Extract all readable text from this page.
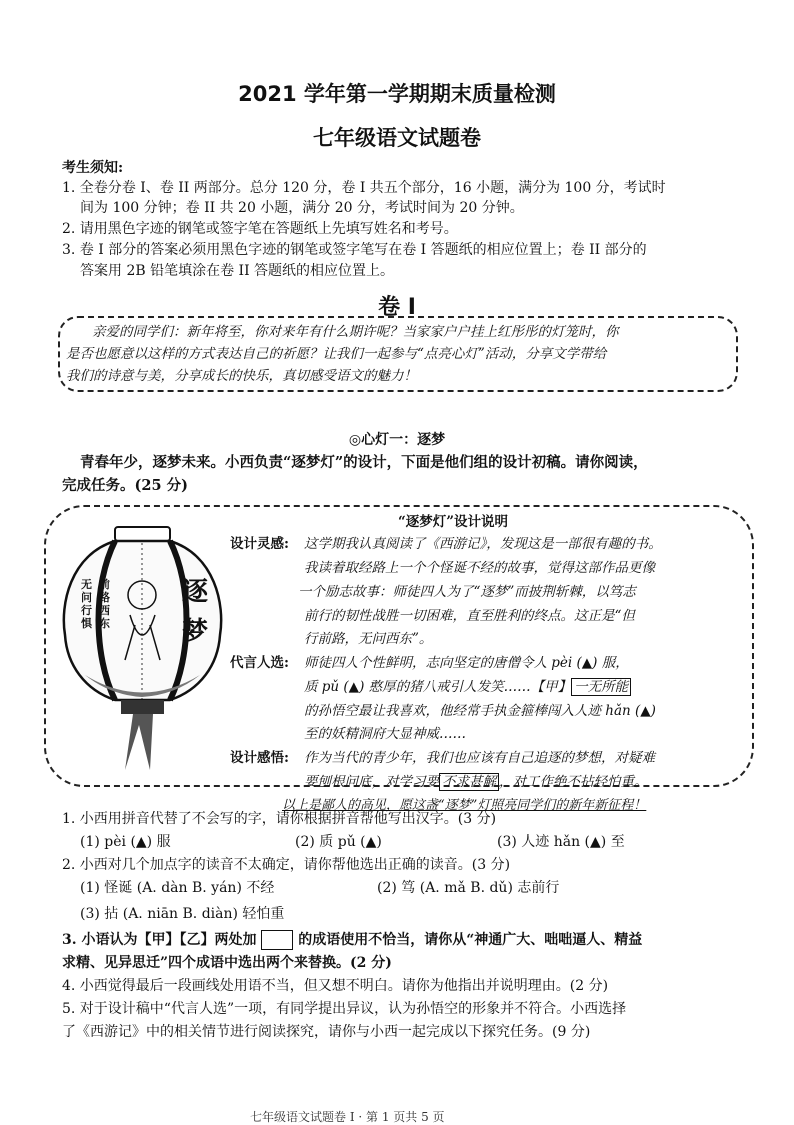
2021 学年第一学期期末质量检测
七年级语文试题卷
考生须知:
1. 全卷分卷 I、卷 II 两部分。总分 120 分，卷 I 共五个部分，16 小题，满分为 100 分，考试时
间为 100 分钟；卷 II 共 20 小题，满分 20 分，考试时间为 20 分钟。
2. 请用黑色字迹的钢笔或签字笔在答题纸上先填写姓名和考号。
3. 卷 I 部分的答案必须用黑色字迹的钢笔或签字笔写在卷 I 答题纸的相应位置上；卷 II 部分的
答案用 2B 铅笔填涂在卷 II 答题纸的相应位置上。
卷 I
亲爱的同学们：新年将至，你对来年有什么期许呢？当家家户户挂上红彤彤的灯笼时，你
是否也愿意以这样的方式表达自己的祈愿？让我们一起参与“点亮心灯”活动，分享文学带给
我们的诗意与美，分享成长的快乐，真切感受语文的魅力！
◎心灯一：逐梦
青春年少，逐梦未来。小西负责“逐梦灯”的设计，下面是他们组的设计初稿。请你阅读，
完成任务。(25 分)
无
问
行
惧
前
路
西
东
逐
梦
“逐梦灯”设计说明
设计灵感: 这学期我认真阅读了《西游记》，发现这是一部很有趣的书。
我读着取经路上一个个怪诞不经的故事，觉得这部作品更像
一个励志故事：师徒四人为了“逐梦”而披荆斩棘，以笃志
前行的韧性战胜一切困难，直至胜利的终点。这正是“但
行前路，无问西东”。
代言人选: 师徒四人个性鲜明，志向坚定的唐僧令人 pèi (▲) 服，
质 pǔ (▲) 憨厚的猪八戒引人发笑……【甲】 一无所能
的孙悟空最让我喜欢，他经常手执金箍棒闯入人迹 hǎn (▲)
至的妖精洞府大显神威……
设计感悟: 作为当代的青少年，我们也应该有自己追逐的梦想，对疑难
要刨根问底，对学习要 不求甚解 ，对工作绝不拈轻怕重。
以上是鄙人的高见，愿这盏“逐梦”灯照亮同学们的新年新征程！
1. 小西用拼音代替了不会写的字，请你根据拼音帮他写出汉字。(3 分)
(1) pèi (▲) 服	(2) 质 pǔ (▲)	(3) 人迹 hǎn (▲) 至
2. 小西对几个加点字的读音不太确定，请你帮他选出正确的读音。(3 分)
(1) 怪诞 (A. dàn B. yán) 不经	(2) 笃 (A. mǎ B. dǔ) 志前行
(3) 拈 (A. niān B. diàn) 轻怕重
3. 小语认为【甲】【乙】两处加	的成语使用不恰当，请你从“神通广大、咄咄逼人、精益
求精、见异思迁”四个成语中选出两个来替换。(2 分)
4. 小西觉得最后一段画线处用语不当，但又想不明白。请你为他指出并说明理由。(2 分)
5. 对于设计稿中“代言人选”一项，有同学提出异议，认为孙悟空的形象并不符合。小西选择
了《西游记》中的相关情节进行阅读探究，请你与小西一起完成以下探究任务。(9 分)
七年级语文试题卷 I · 第 1 页共 5 页
